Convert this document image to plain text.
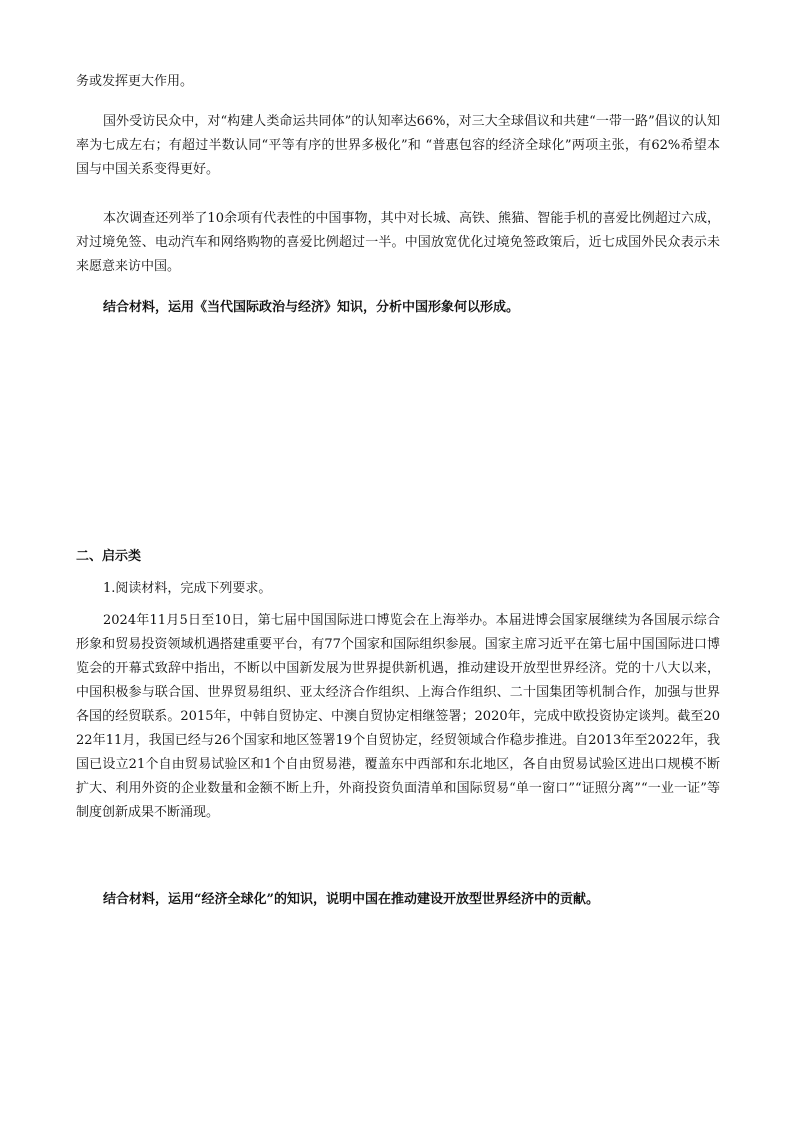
务或发挥更大作用。

国外受访民众中，对“构建人类命运共同体”的认知率达66%，对三大全球倡议和共建“一带一路”倡议的认知率为七成左右；有超过半数认同“平等有序的世界多极化”和 “普惠包容的经济全球化”两项主张，有62%希望本国与中国关系变得更好。

本次调查还列举了10余项有代表性的中国事物，其中对长城、高铁、熊猫、智能手机的喜爱比例超过六成，对过境免签、电动汽车和网络购物的喜爱比例超过一半。中国放宽优化过境免签政策后，近七成国外民众表示未来愿意来访中国。

结合材料，运用《当代国际政治与经济》知识，分析中国形象何以形成。

二、启示类

1.阅读材料，完成下列要求。

2024年11月5日至10日，第七届中国国际进口博览会在上海举办。本届进博会国家展继续为各国展示综合形象和贸易投资领域机遇搭建重要平台，有77个国家和国际组织参展。国家主席习近平在第七届中国国际进口博览会的开幕式致辞中指出，不断以中国新发展为世界提供新机遇，推动建设开放型世界经济。党的十八大以来，中国积极参与联合国、世界贸易组织、亚太经济合作组织、上海合作组织、二十国集团等机制合作，加强与世界各国的经贸联系。2015年，中韩自贸协定、中澳自贸协定相继签署；2020年，完成中欧投资协定谈判。截至2022年11月，我国已经与26个国家和地区签署19个自贸协定，经贸领域合作稳步推进。自2013年至2022年，我国已设立21个自由贸易试验区和1个自由贸易港，覆盖东中西部和东北地区，各自由贸易试验区进出口规模不断扩大、利用外资的企业数量和金额不断上升，外商投资负面清单和国际贸易“单一窗口”“证照分离”“一业一证”等制度创新成果不断涌现。

结合材料，运用“经济全球化”的知识，说明中国在推动建设开放型世界经济中的贡献。
